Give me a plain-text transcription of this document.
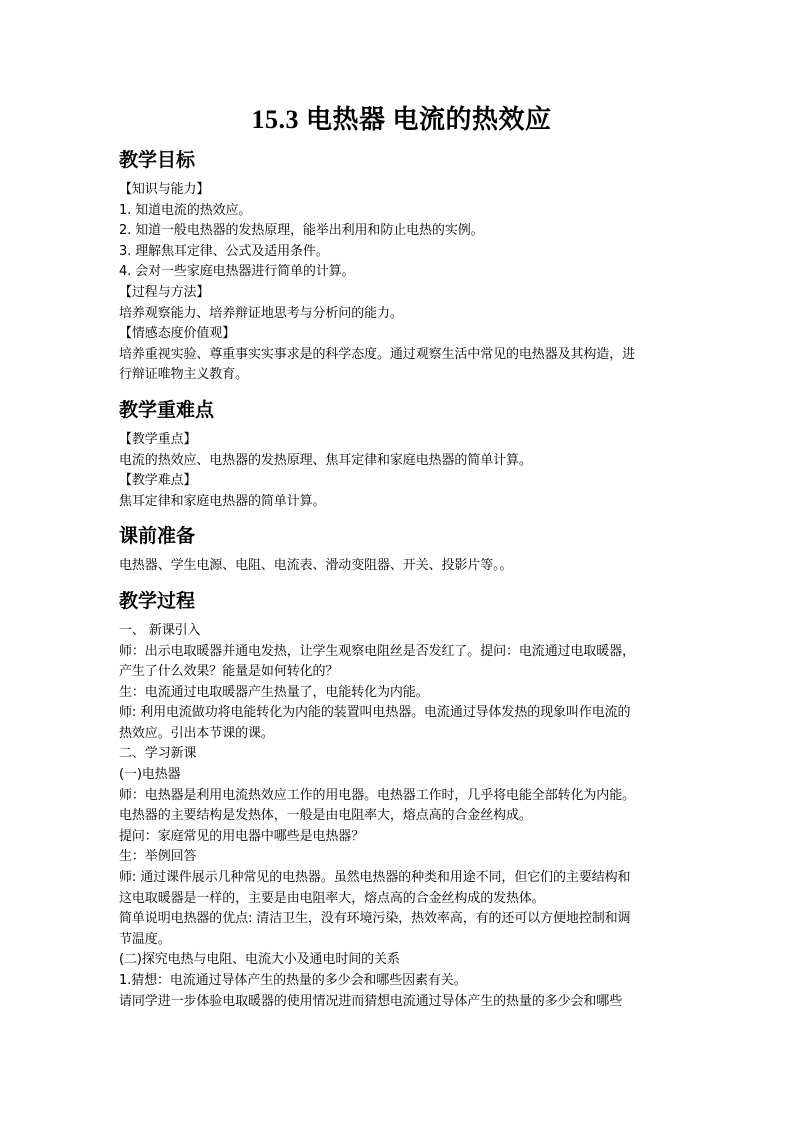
15.3 电热器 电流的热效应
教学目标

【知识与能力】

1. 知道电流的热效应。

2. 知道一般电热器的发热原理，能举出利用和防止电热的实例。

3. 理解焦耳定律、公式及适用条件。

4. 会对一些家庭电热器进行简单的计算。

【过程与方法】

培养观察能力、培养辩证地思考与分析问的能力。

【情感态度价值观】

培养重视实验、尊重事实实事求是的科学态度。通过观察生活中常见的电热器及其构造，进

行辩证唯物主义教育。

教学重难点

【教学重点】

电流的热效应、电热器的发热原理、焦耳定律和家庭电热器的简单计算。

【教学难点】

焦耳定律和家庭电热器的简单计算。

课前准备

电热器、学生电源、电阻、电流表、滑动变阻器、开关、投影片等。。

教学过程

一、 新课引入

师：出示电取暖器并通电发热，让学生观察电阻丝是否发红了。提问：电流通过电取暖器，

产生了什么效果？能量是如何转化的？

生：电流通过电取暖器产生热量了，电能转化为内能。

师: 利用电流做功将电能转化为内能的装置叫电热器。电流通过导体发热的现象叫作电流的

热效应。引出本节课的课。

二、学习新课

(一)电热器

师：电热器是利用电流热效应工作的用电器。电热器工作时，几乎将电能全部转化为内能。

电热器的主要结构是发热体，一般是由电阻率大，熔点高的合金丝构成。

提问：家庭常见的用电器中哪些是电热器？

生：举例回答

师: 通过课件展示几种常见的电热器。虽然电热器的种类和用途不同，但它们的主要结构和

这电取暖器是一样的，主要是由电阻率大，熔点高的合金丝构成的发热体。

简单说明电热器的优点: 清洁卫生，没有环境污染，热效率高，有的还可以方便地控制和调

节温度。

(二)探究电热与电阻、电流大小及通电时间的关系

1.猜想：电流通过导体产生的热量的多少会和哪些因素有关。

请同学进一步体验电取暖器的使用情况进而猜想电流通过导体产生的热量的多少会和哪些
